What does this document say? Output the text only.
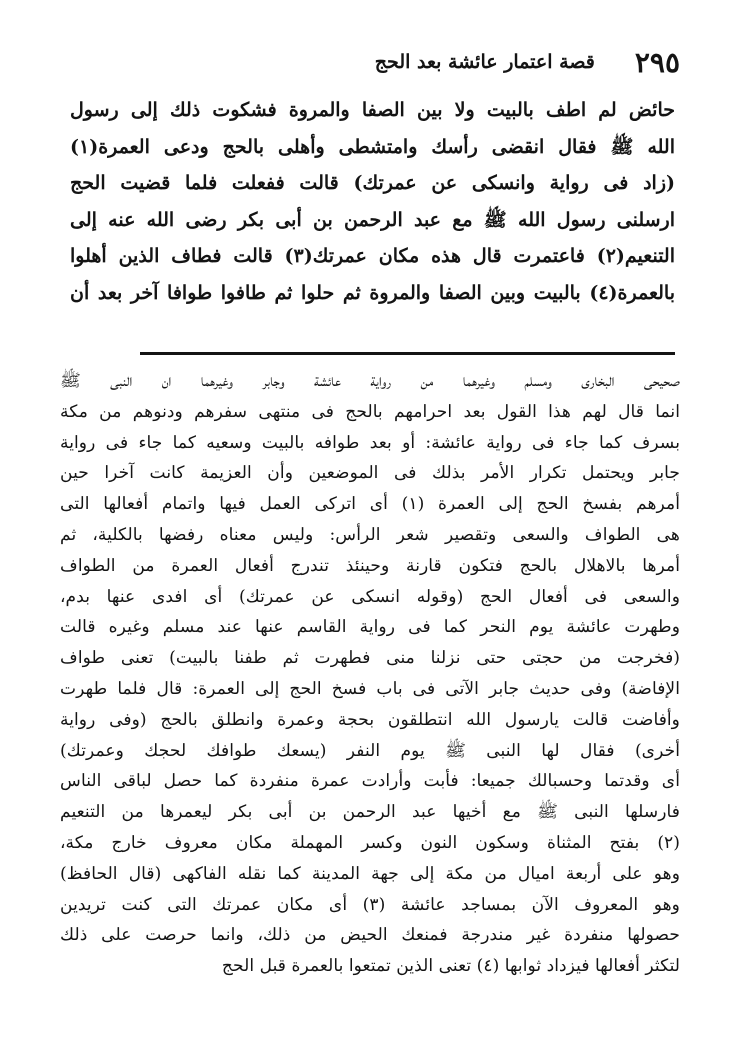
٢٩٥
قصة اعتمار عائشة بعد الحج
حائض لم اطف بالبيت ولا بين الصفا والمروة فشكوت ذلك إلى رسول
الله ﷺ فقال انقضى رأسك وامتشطى وأهلى بالحج ودعى العمرة(١)
(زاد فى رواية وانسكى عن عمرتك) قالت ففعلت فلما قضيت الحج
ارسلنى رسول الله ﷺ مع عبد الرحمن بن أبى بكر رضى الله عنه إلى
التنعيم(٢) فاعتمرت قال هذه مكان عمرتك(٣) قالت فطاف الذين أهلوا
بالعمرة(٤) بالبيت وبين الصفا والمروة ثم حلوا ثم طافوا طوافا آخر بعد أن
صحيحى البخارى ومسلم وغيرهما من رواية عائشة وجابر وغيرهما ان النبى ﷺ
انما قال لهم هذا القول بعد احرامهم بالحج فى منتهى سفرهم ودنوهم من مكة
بسرف كما جاء فى رواية عائشة: أو بعد طوافه بالبيت وسعيه كما جاء فى رواية
جابر ويحتمل تكرار الأمر بذلك فى الموضعين وأن العزيمة كانت آخرا حين
أمرهم بفسخ الحج إلى العمرة (١) أى اتركى العمل فيها واتمام أفعالها التى
هى الطواف والسعى وتقصير شعر الرأس: وليس معناه رفضها بالكلية، ثم
أمرها بالاهلال بالحج فتكون قارنة وحينئذ تندرج أفعال العمرة من الطواف
والسعى فى أفعال الحج (وقوله انسكى عن عمرتك) أى افدى عنها بدم،
وطهرت عائشة يوم النحر كما فى رواية القاسم عنها عند مسلم وغيره قالت
(فخرجت من حجتى حتى نزلنا منى فطهرت ثم طفنا بالبيت) تعنى طواف
الإفاضة) وفى حديث جابر الآتى فى باب فسخ الحج إلى العمرة: قال فلما طهرت
وأفاضت قالت يارسول الله انتطلقون بحجة وعمرة وانطلق بالحج (وفى رواية
أخرى) فقال لها النبى ﷺ يوم النفر (يسعك طوافك لحجك وعمرتك)
أى وقدتما وحسبالك جميعا: فأبت وأرادت عمرة منفردة كما حصل لباقى الناس
فارسلها النبى ﷺ مع أخيها عبد الرحمن بن أبى بكر ليعمرها من التنعيم
(٢) بفتح المثناة وسكون النون وكسر المهملة مكان معروف خارج مكة،
وهو على أربعة اميال من مكة إلى جهة المدينة كما نقله الفاكهى (قال الحافظ)
وهو المعروف الآن بمساجد عائشة (٣) أى مكان عمرتك التى كنت تريدين
حصولها منفردة غير مندرجة فمنعك الحيض من ذلك، وانما حرصت على ذلك
لتكثر أفعالها فيزداد ثوابها (٤) تعنى الذين تمتعوا بالعمرة قبل الحج
